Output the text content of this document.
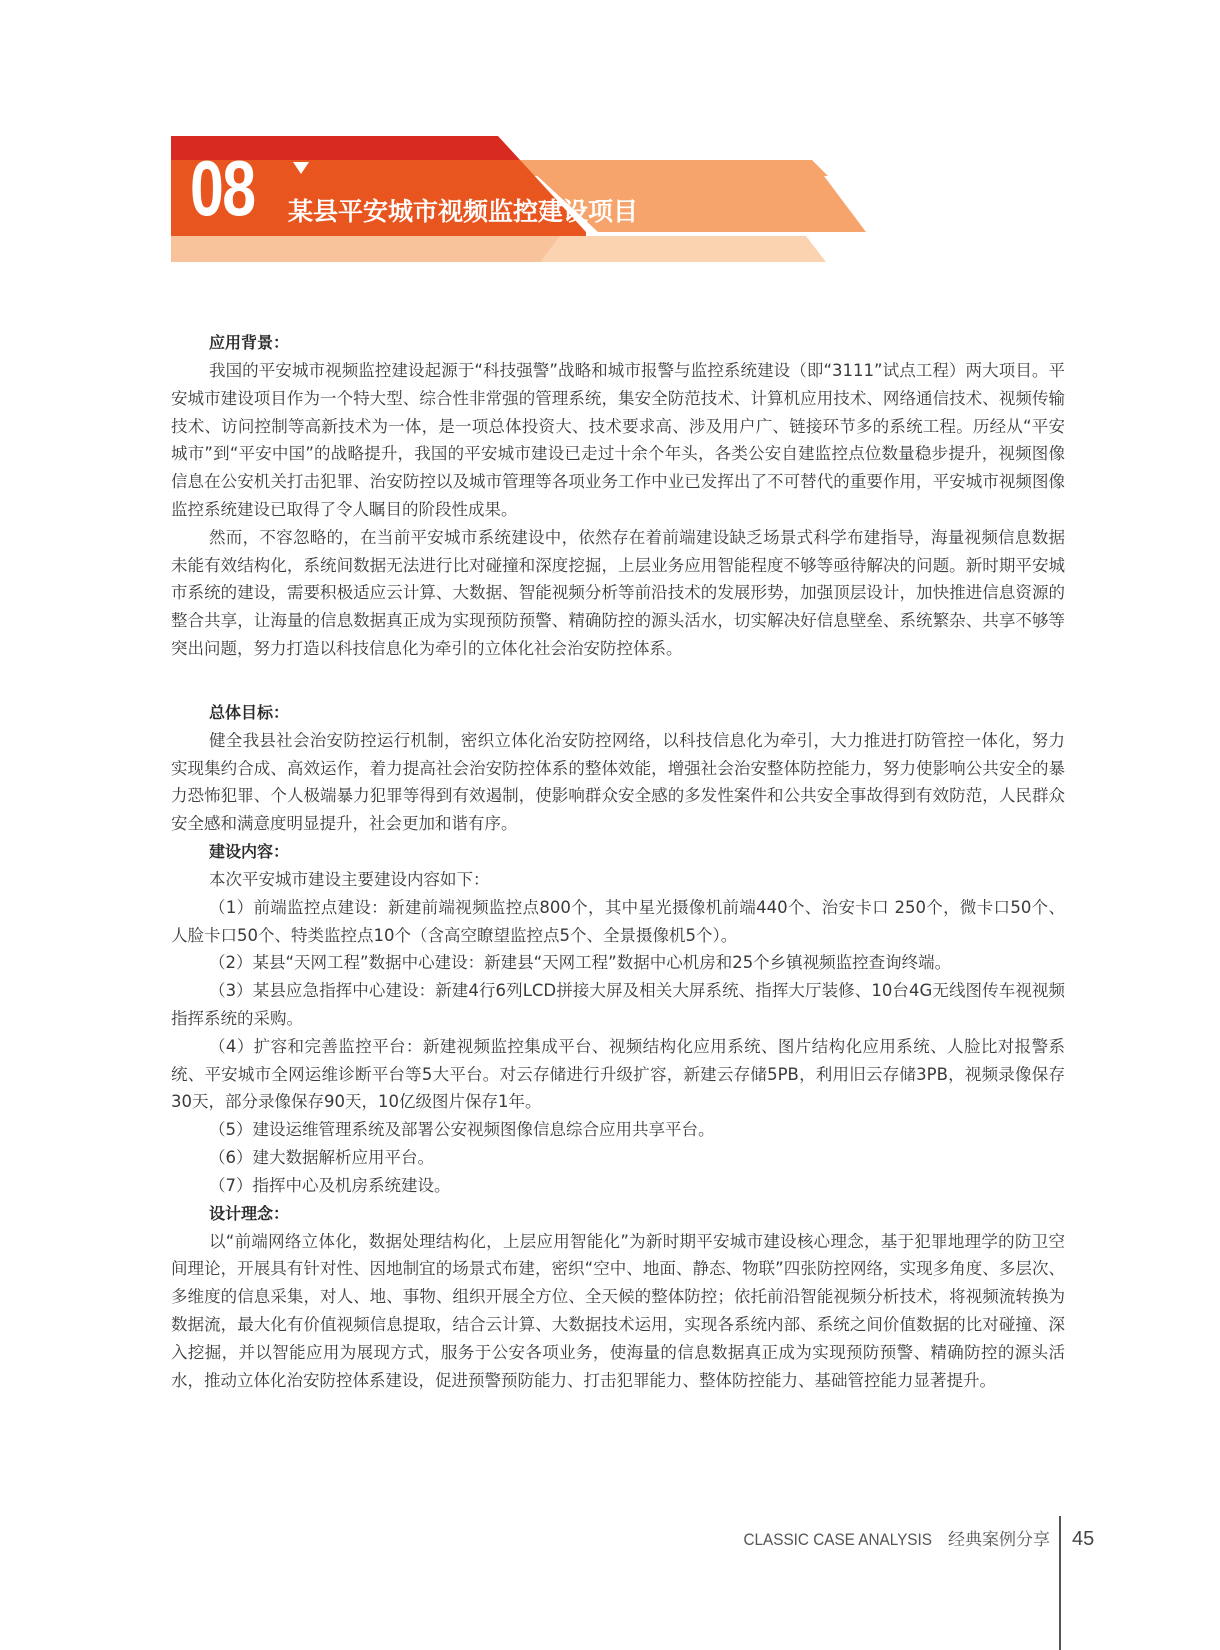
08 某县平安城市视频监控建设项目
应用背景：

我国的平安城市视频监控建设起源于“科技强警”战略和城市报警与监控系统建设（即“3111”试点工程）两大项目。平安城市建设项目作为一个特大型、综合性非常强的管理系统，集安全防范技术、计算机应用技术、网络通信技术、视频传输技术、访问控制等高新技术为一体，是一项总体投资大、技术要求高、涉及用户广、链接环节多的系统工程。历经从“平安城市”到“平安中国”的战略提升，我国的平安城市建设已走过十余个年头，各类公安自建监控点位数量稳步提升，视频图像信息在公安机关打击犯罪、治安防控以及城市管理等各项业务工作中业已发挥出了不可替代的重要作用，平安城市视频图像监控系统建设已取得了令人瞩目的阶段性成果。

然而，不容忽略的，在当前平安城市系统建设中，依然存在着前端建设缺乏场景式科学布建指导，海量视频信息数据未能有效结构化，系统间数据无法进行比对碰撞和深度挖掘，上层业务应用智能程度不够等亟待解决的问题。新时期平安城市系统的建设，需要积极适应云计算、大数据、智能视频分析等前沿技术的发展形势，加强顶层设计，加快推进信息资源的整合共享，让海量的信息数据真正成为实现预防预警、精确防控的源头活水，切实解决好信息壁垒、系统繁杂、共享不够等突出问题，努力打造以科技信息化为牵引的立体化社会治安防控体系。

总体目标：

健全我县社会治安防控运行机制，密织立体化治安防控网络，以科技信息化为牵引，大力推进打防管控一体化，努力实现集约合成、高效运作，着力提高社会治安防控体系的整体效能，增强社会治安整体防控能力，努力使影响公共安全的暴力恐怖犯罪、个人极端暴力犯罪等得到有效遏制，使影响群众安全感的多发性案件和公共安全事故得到有效防范，人民群众安全感和满意度明显提升，社会更加和谐有序。

建设内容：

本次平安城市建设主要建设内容如下：

（1）前端监控点建设：新建前端视频监控点800个，其中星光摄像机前端440个、治安卡口 250个，微卡口50个、人脸卡口50个、特类监控点10个（含高空瞭望监控点5个、全景摄像机5个）。

（2）某县“天网工程”数据中心建设：新建县“天网工程”数据中心机房和25个乡镇视频监控查询终端。

（3）某县应急指挥中心建设：新建4行6列LCD拼接大屏及相关大屏系统、指挥大厅装修、10台4G无线图传车视视频指挥系统的采购。

（4）扩容和完善监控平台：新建视频监控集成平台、视频结构化应用系统、图片结构化应用系统、人脸比对报警系统、平安城市全网运维诊断平台等5大平台。对云存储进行升级扩容，新建云存储5PB，利用旧云存储3PB，视频录像保存30天，部分录像保存90天，10亿级图片保存1年。

（5）建设运维管理系统及部署公安视频图像信息综合应用共享平台。

（6）建大数据解析应用平台。

（7）指挥中心及机房系统建设。

设计理念：

以“前端网络立体化，数据处理结构化，上层应用智能化”为新时期平安城市建设核心理念，基于犯罪地理学的防卫空间理论，开展具有针对性、因地制宜的场景式布建，密织“空中、地面、静态、物联”四张防控网络，实现多角度、多层次、多维度的信息采集，对人、地、事物、组织开展全方位、全天候的整体防控；依托前沿智能视频分析技术，将视频流转换为数据流，最大化有价值视频信息提取，结合云计算、大数据技术运用，实现各系统内部、系统之间价值数据的比对碰撞、深入挖掘，并以智能应用为展现方式，服务于公安各项业务，使海量的信息数据真正成为实现预防预警、精确防控的源头活水，推动立体化治安防控体系建设，促进预警预防能力、打击犯罪能力、整体防控能力、基础管控能力显著提升。

CLASSIC CASE ANALYSIS 经典案例分享 45
